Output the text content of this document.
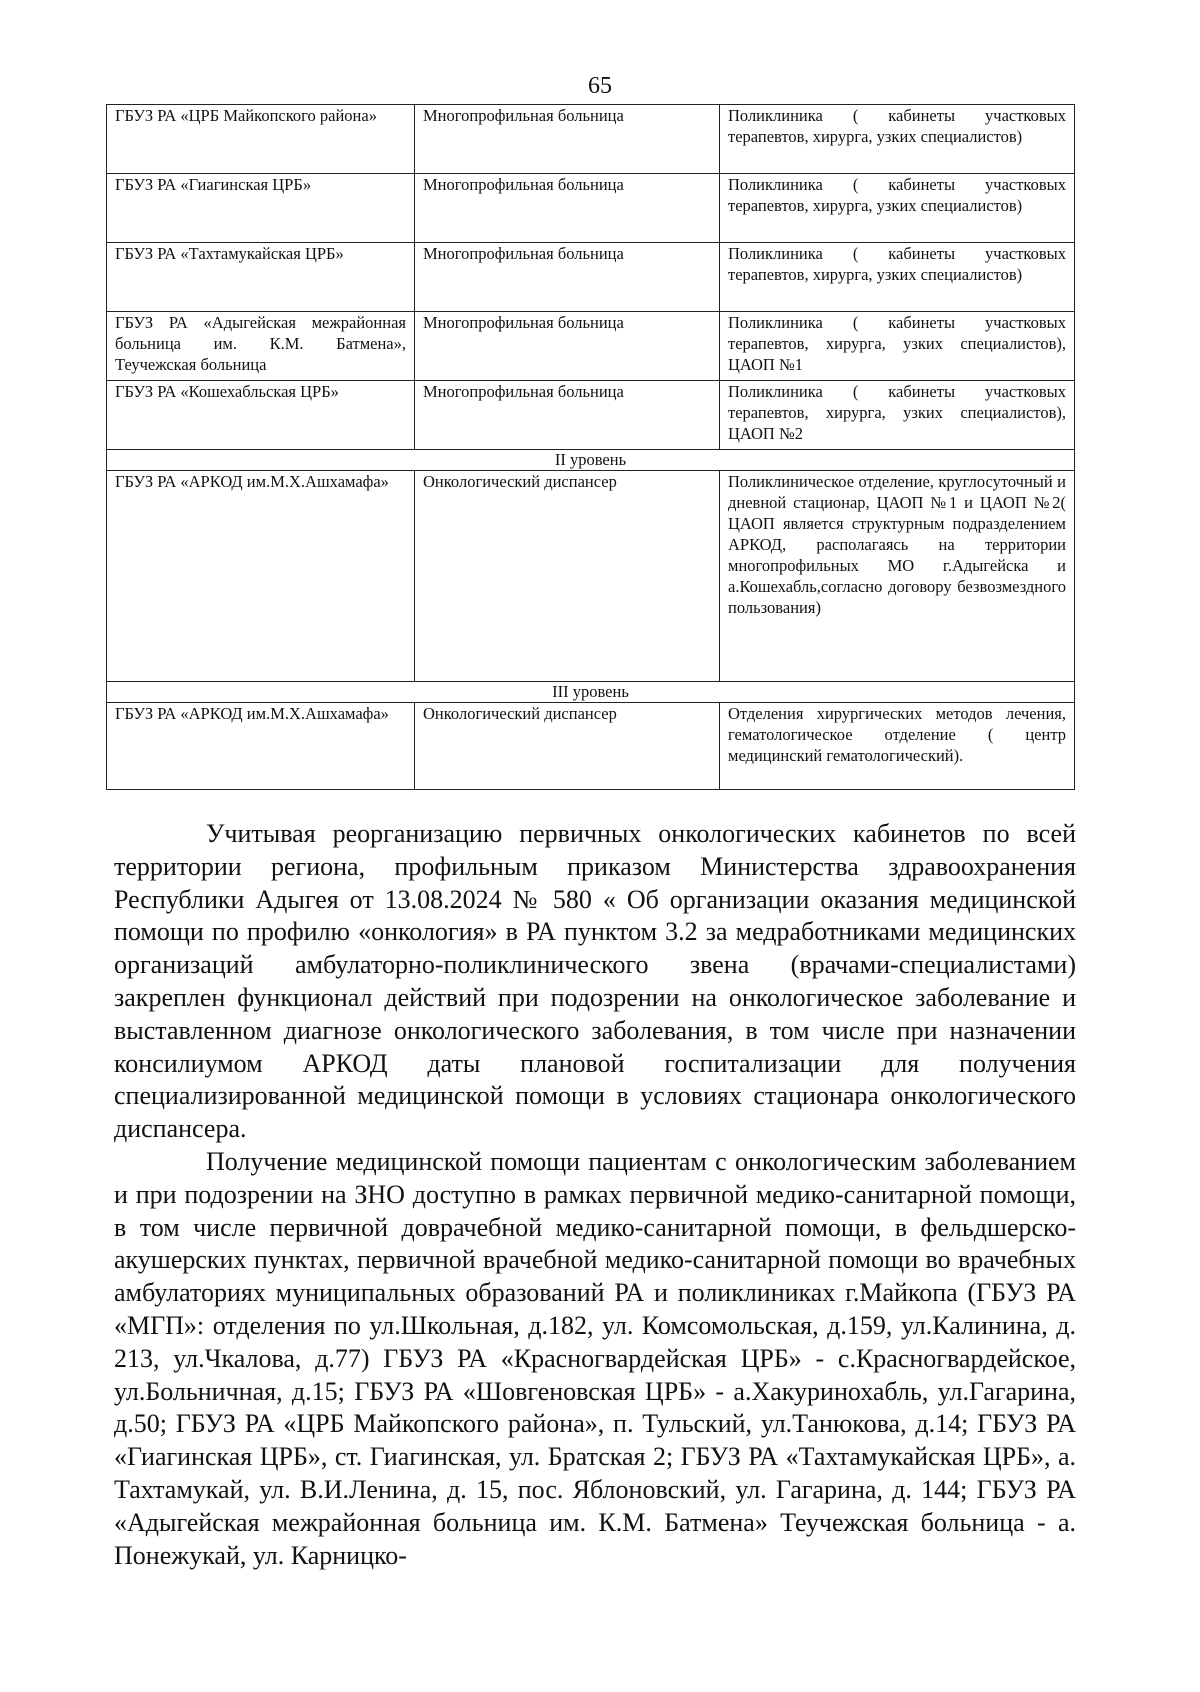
65
ГБУЗ РА «ЦРБ Майкопского района»	Многопрофильная больница	Поликлиника ( кабинеты участковых терапевтов, хирурга, узких специалистов)
ГБУЗ РА «Гиагинская ЦРБ»	Многопрофильная больница	Поликлиника ( кабинеты участковых терапевтов, хирурга, узких специалистов)
ГБУЗ РА «Тахтамукайская ЦРБ»	Многопрофильная больница	Поликлиника ( кабинеты участковых терапевтов, хирурга, узких специалистов)
ГБУЗ РА «Адыгейская межрайонная больница им. К.М. Батмена», Теучежская больница	Многопрофильная больница	Поликлиника ( кабинеты участковых терапевтов, хирурга, узких специалистов), ЦАОП №1
ГБУЗ РА «Кошехабльская ЦРБ»	Многопрофильная больница	Поликлиника ( кабинеты участковых терапевтов, хирурга, узких специалистов), ЦАОП №2
II уровень		
ГБУЗ РА «АРКОД им.М.Х.Ашхамафа»	Онкологический диспансер	Поликлиническое отделение, круглосуточный и дневной стационар, ЦАОП №1 и ЦАОП №2( ЦАОП является структурным подразделением АРКОД, располагаясь на территории многопрофильных МО г.Адыгейска и а.Кошехабль,согласно договору безвозмездного пользования)
III уровень		
ГБУЗ РА «АРКОД им.М.Х.Ашхамафа»	Онкологический диспансер	Отделения хирургических методов лечения, гематологическое отделение ( центр медицинский гематологический).

Учитывая реорганизацию первичных онкологических кабинетов по всей территории региона, профильным приказом Министерства здравоохранения Республики Адыгея от 13.08.2024 № 580 « Об организации оказания медицинской помощи по профилю «онкология» в РА пунктом 3.2 за медработниками медицинских организаций амбулаторно-поликлинического звена (врачами-специалистами) закреплен функционал действий при подозрении на онкологическое заболевание и выставленном диагнозе онкологического заболевания, в том числе при назначении консилиумом АРКОД даты плановой госпитализации для получения специализированной медицинской помощи в условиях стационара онкологического диспансера.

Получение медицинской помощи пациентам с онкологическим заболеванием и при подозрении на ЗНО доступно в рамках первичной медико-санитарной помощи, в том числе первичной доврачебной медико-санитарной помощи, в фельдшерско-акушерских пунктах, первичной врачебной медико-санитарной помощи во врачебных амбулаториях муниципальных образований РА и поликлиниках г.Майкопа (ГБУЗ РА «МГП»: отделения по ул.Школьная, д.182, ул. Комсомольская, д.159, ул.Калинина, д. 213, ул.Чкалова, д.77) ГБУЗ РА «Красногвардейская ЦРБ» - с.Красногвардейское, ул.Больничная, д.15; ГБУЗ РА «Шовгеновская ЦРБ» - а.Хакуринохабль, ул.Гагарина, д.50; ГБУЗ РА «ЦРБ Майкопского района», п. Тульский, ул.Танюкова, д.14; ГБУЗ РА «Гиагинская ЦРБ», ст. Гиагинская, ул. Братская 2; ГБУЗ РА «Тахтамукайская ЦРБ», а. Тахтамукай, ул. В.И.Ленина, д. 15, пос. Яблоновский, ул. Гагарина, д. 144; ГБУЗ РА «Адыгейская межрайонная больница им. К.М. Батмена» Теучежская больница - а. Понежукай, ул. Карницко-
